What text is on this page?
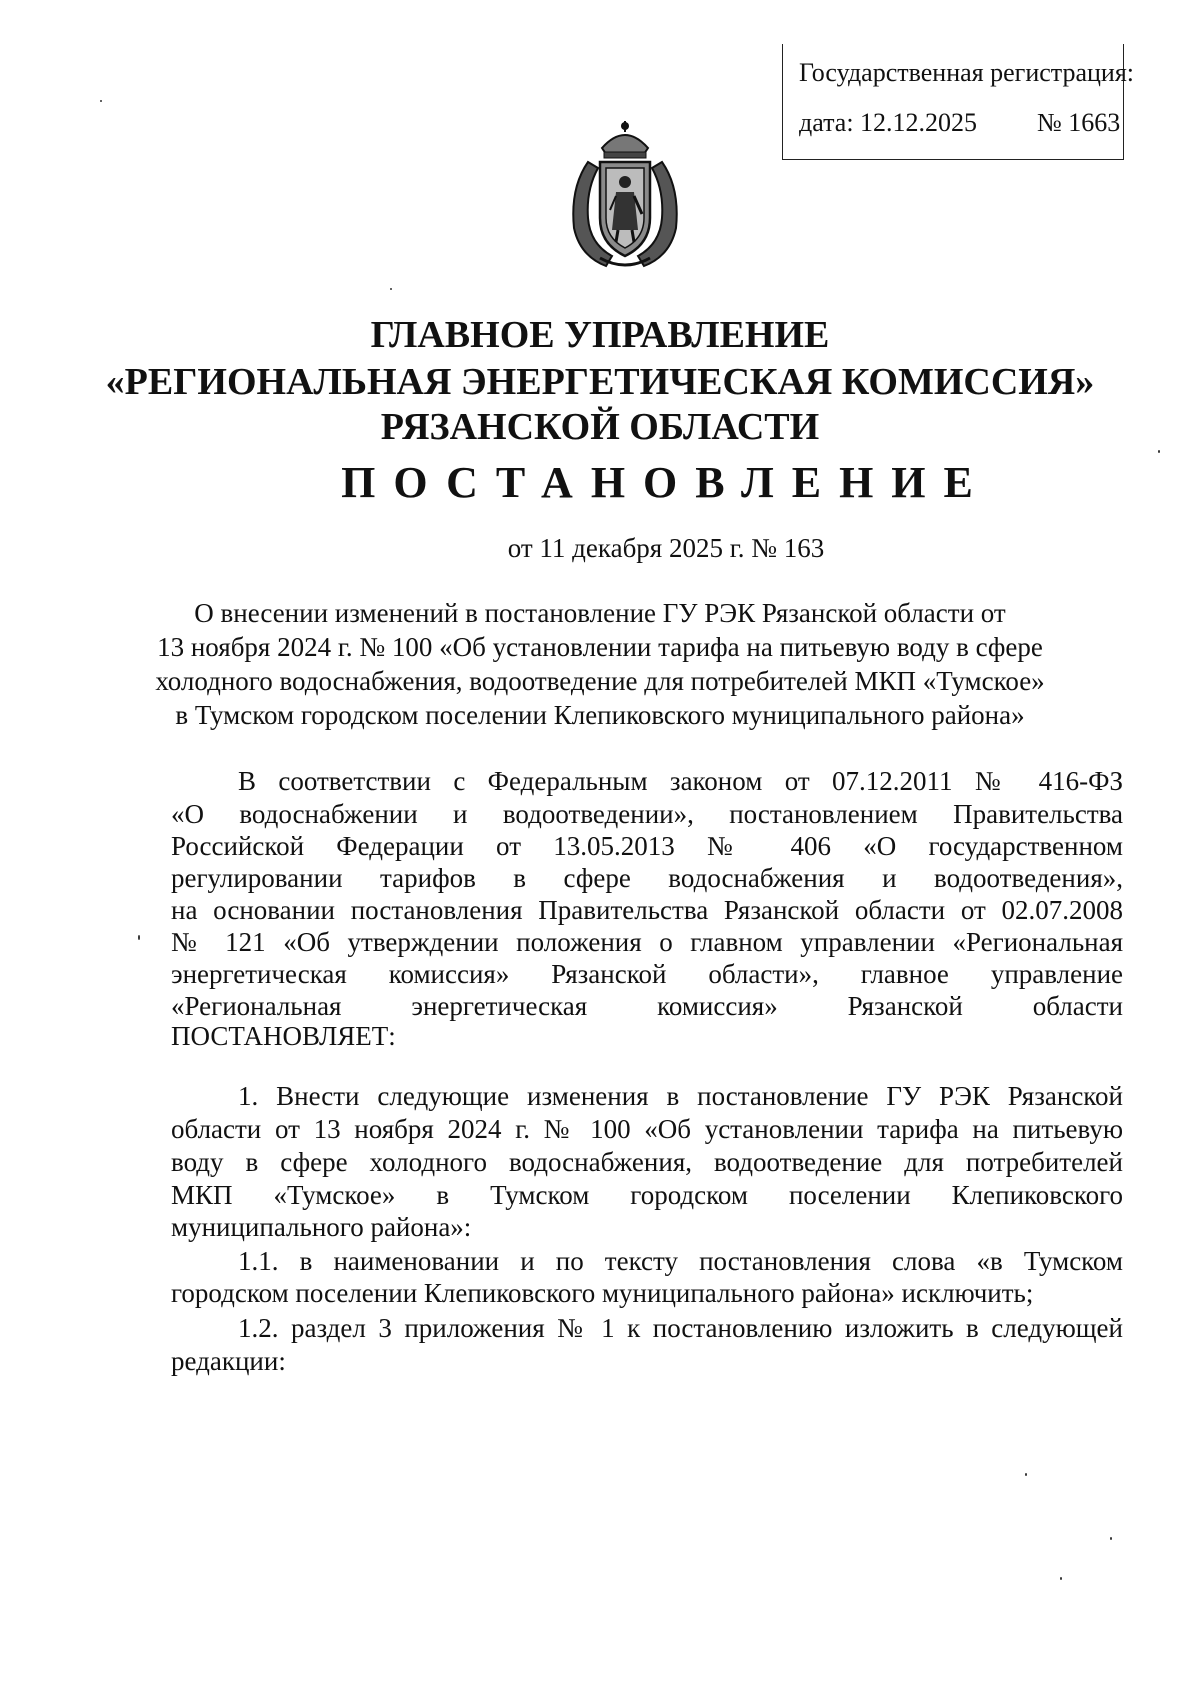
Государственная регистрация:
дата: 12.12.2025 № 1663
ГЛАВНОЕ УПРАВЛЕНИЕ
«РЕГИОНАЛЬНАЯ ЭНЕРГЕТИЧЕСКАЯ КОМИССИЯ»
РЯЗАНСКОЙ ОБЛАСТИ
ПОСТАНОВЛЕНИЕ
от 11 декабря 2025 г. № 163
О внесении изменений в постановление ГУ РЭК Рязанской области от
13 ноября 2024 г. № 100 «Об установлении тарифа на питьевую воду в сфере
холодного водоснабжения, водоотведение для потребителей МКП «Тумское»
в Тумском городском поселении Клепиковского муниципального района»
В соответствии с Федеральным законом от 07.12.2011 № 416-ФЗ
«О водоснабжении и водоотведении», постановлением Правительства
Российской Федерации от 13.05.2013 № 406 «О государственном
регулировании тарифов в сфере водоснабжения и водоотведения»,
на основании постановления Правительства Рязанской области от 02.07.2008
№ 121 «Об утверждении положения о главном управлении «Региональная
энергетическая комиссия» Рязанской области», главное управление
«Региональная энергетическая комиссия» Рязанской области
ПОСТАНОВЛЯЕТ:
1. Внести следующие изменения в постановление ГУ РЭК Рязанской
области от 13 ноября 2024 г. № 100 «Об установлении тарифа на питьевую
воду в сфере холодного водоснабжения, водоотведение для потребителей
МКП «Тумское» в Тумском городском поселении Клепиковского
муниципального района»:
1.1. в наименовании и по тексту постановления слова «в Тумском
городском поселении Клепиковского муниципального района» исключить;
1.2. раздел 3 приложения № 1 к постановлению изложить в следующей
редакции:
